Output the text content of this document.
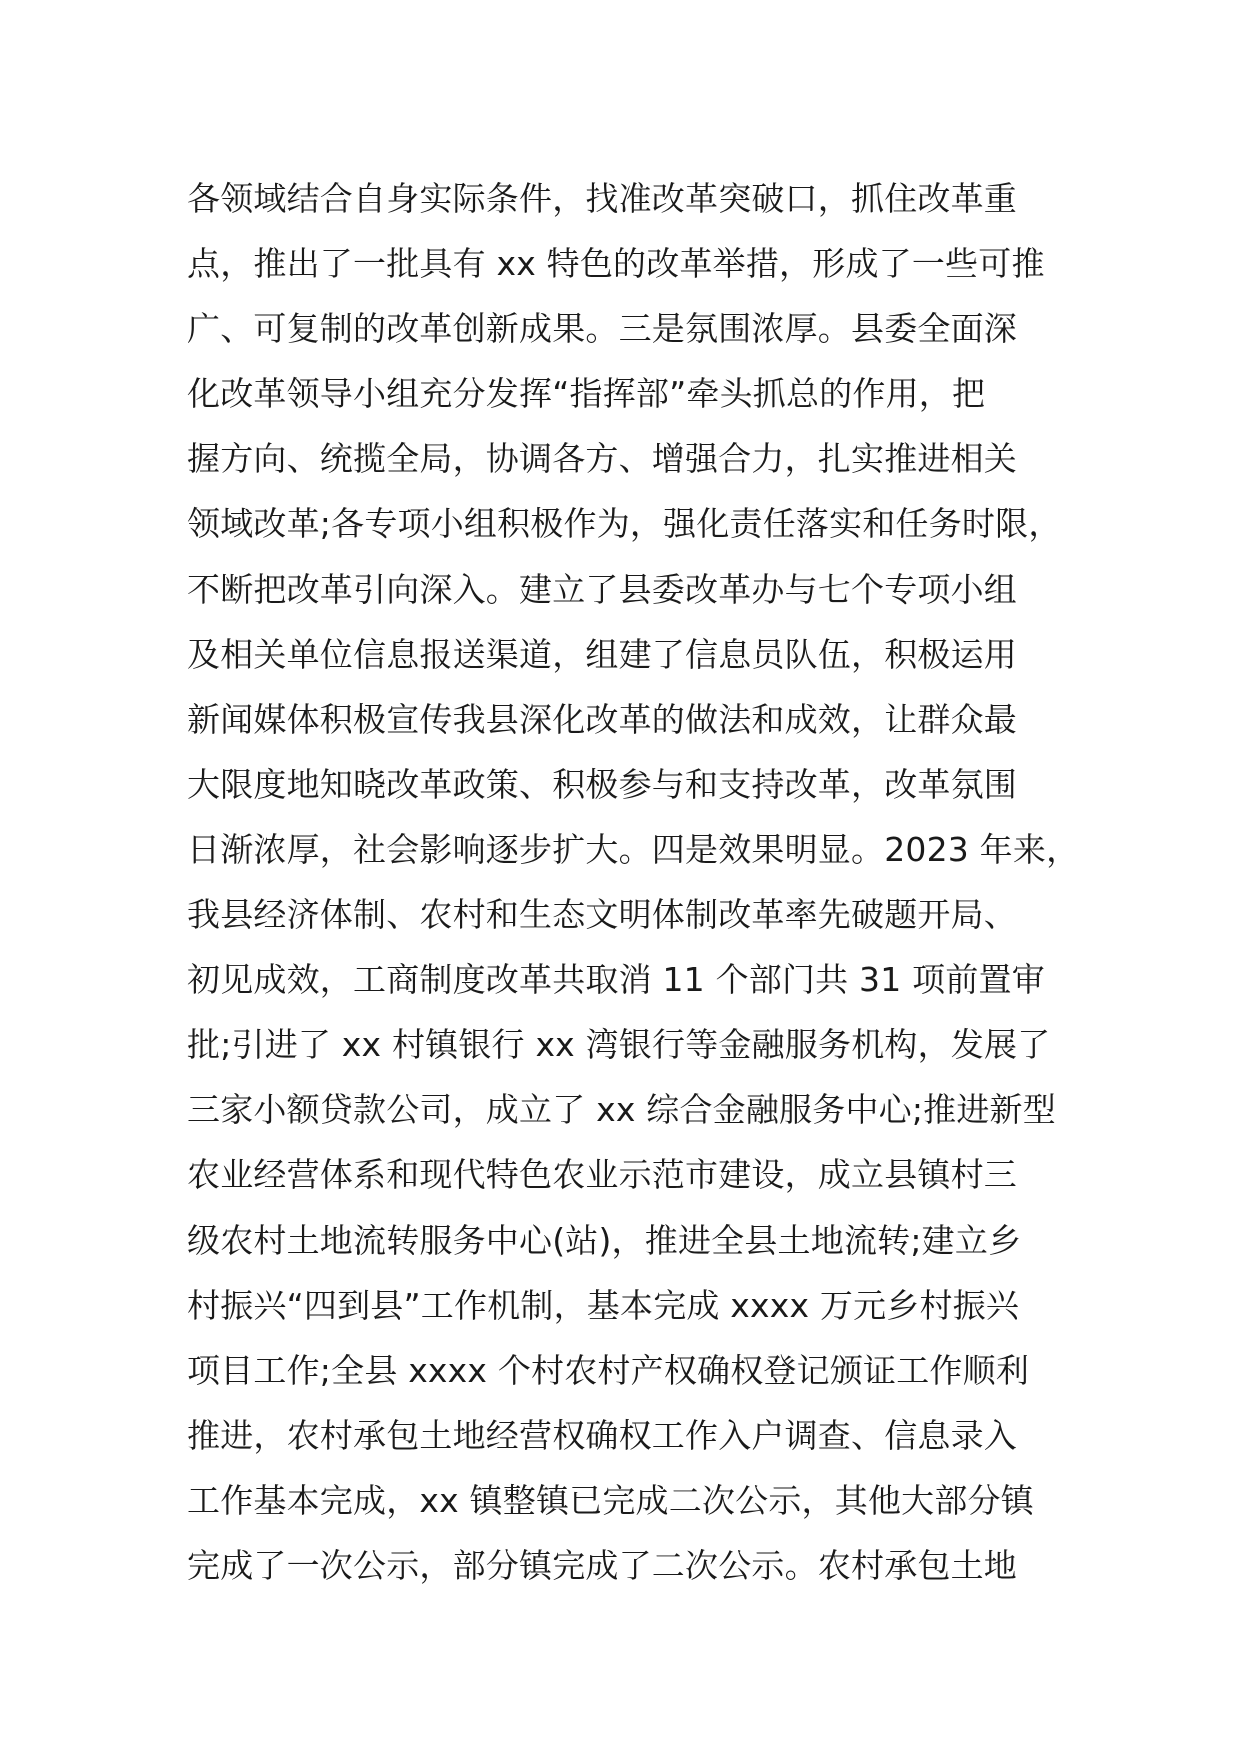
各领域结合自身实际条件，找准改革突破口，抓住改革重
点，推出了一批具有 xx 特色的改革举措，形成了一些可推
广、可复制的改革创新成果。三是氛围浓厚。县委全面深
化改革领导小组充分发挥“指挥部”牵头抓总的作用，把
握方向、统揽全局，协调各方、增强合力，扎实推进相关
领域改革;各专项小组积极作为，强化责任落实和任务时限，
不断把改革引向深入。建立了县委改革办与七个专项小组
及相关单位信息报送渠道，组建了信息员队伍，积极运用
新闻媒体积极宣传我县深化改革的做法和成效，让群众最
大限度地知晓改革政策、积极参与和支持改革，改革氛围
日渐浓厚，社会影响逐步扩大。四是效果明显。2023 年来，
我县经济体制、农村和生态文明体制改革率先破题开局、
初见成效，工商制度改革共取消 11 个部门共 31 项前置审
批;引进了 xx 村镇银行 xx 湾银行等金融服务机构，发展了
三家小额贷款公司，成立了 xx 综合金融服务中心;推进新型
农业经营体系和现代特色农业示范市建设，成立县镇村三
级农村土地流转服务中心(站)，推进全县土地流转;建立乡
村振兴“四到县”工作机制，基本完成 xxxx 万元乡村振兴
项目工作;全县 xxxx 个村农村产权确权登记颁证工作顺利
推进，农村承包土地经营权确权工作入户调查、信息录入
工作基本完成，xx 镇整镇已完成二次公示，其他大部分镇
完成了一次公示，部分镇完成了二次公示。农村承包土地
